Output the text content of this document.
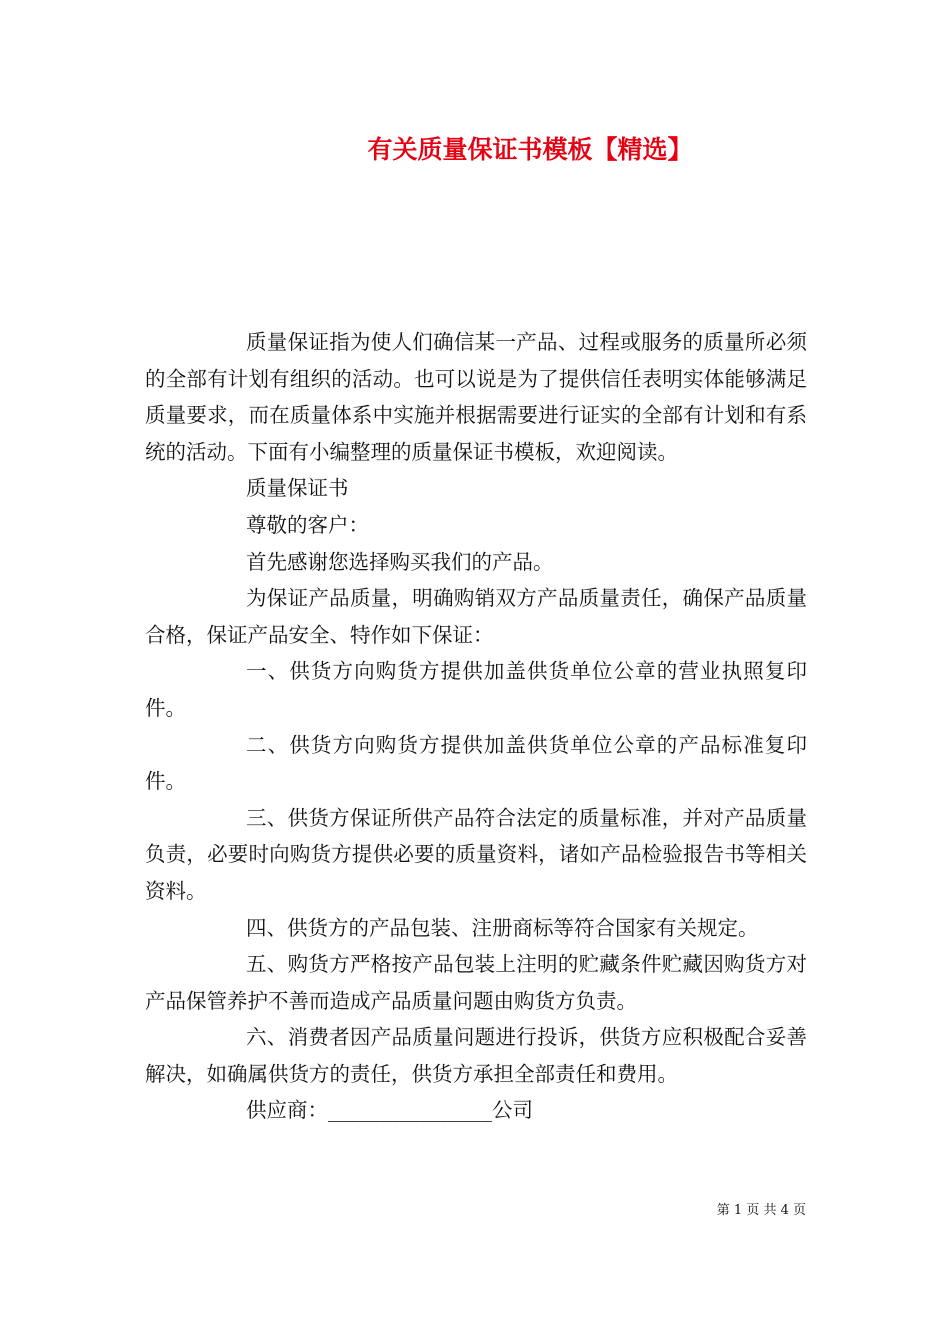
有关质量保证书模板【精选】

质量保证指为使人们确信某一产品、过程或服务的质量所必须的全部有计划有组织的活动。也可以说是为了提供信任表明实体能够满足质量要求，而在质量体系中实施并根据需要进行证实的全部有计划和有系统的活动。下面有小编整理的质量保证书模板，欢迎阅读。

质量保证书

尊敬的客户：

首先感谢您选择购买我们的产品。

为保证产品质量，明确购销双方产品质量责任，确保产品质量合格，保证产品安全、特作如下保证：

一、供货方向购货方提供加盖供货单位公章的营业执照复印件。

二、供货方向购货方提供加盖供货单位公章的产品标准复印件。

三、供货方保证所供产品符合法定的质量标准，并对产品质量负责，必要时向购货方提供必要的质量资料，诸如产品检验报告书等相关资料。

四、供货方的产品包装、注册商标等符合国家有关规定。

五、购货方严格按产品包装上注明的贮藏条件贮藏因购货方对产品保管养护不善而造成产品质量问题由购货方负责。

六、消费者因产品质量问题进行投诉，供货方应积极配合妥善解决，如确属供货方的责任，供货方承担全部责任和费用。

供应商：________________公司

第 1 页 共 4 页
